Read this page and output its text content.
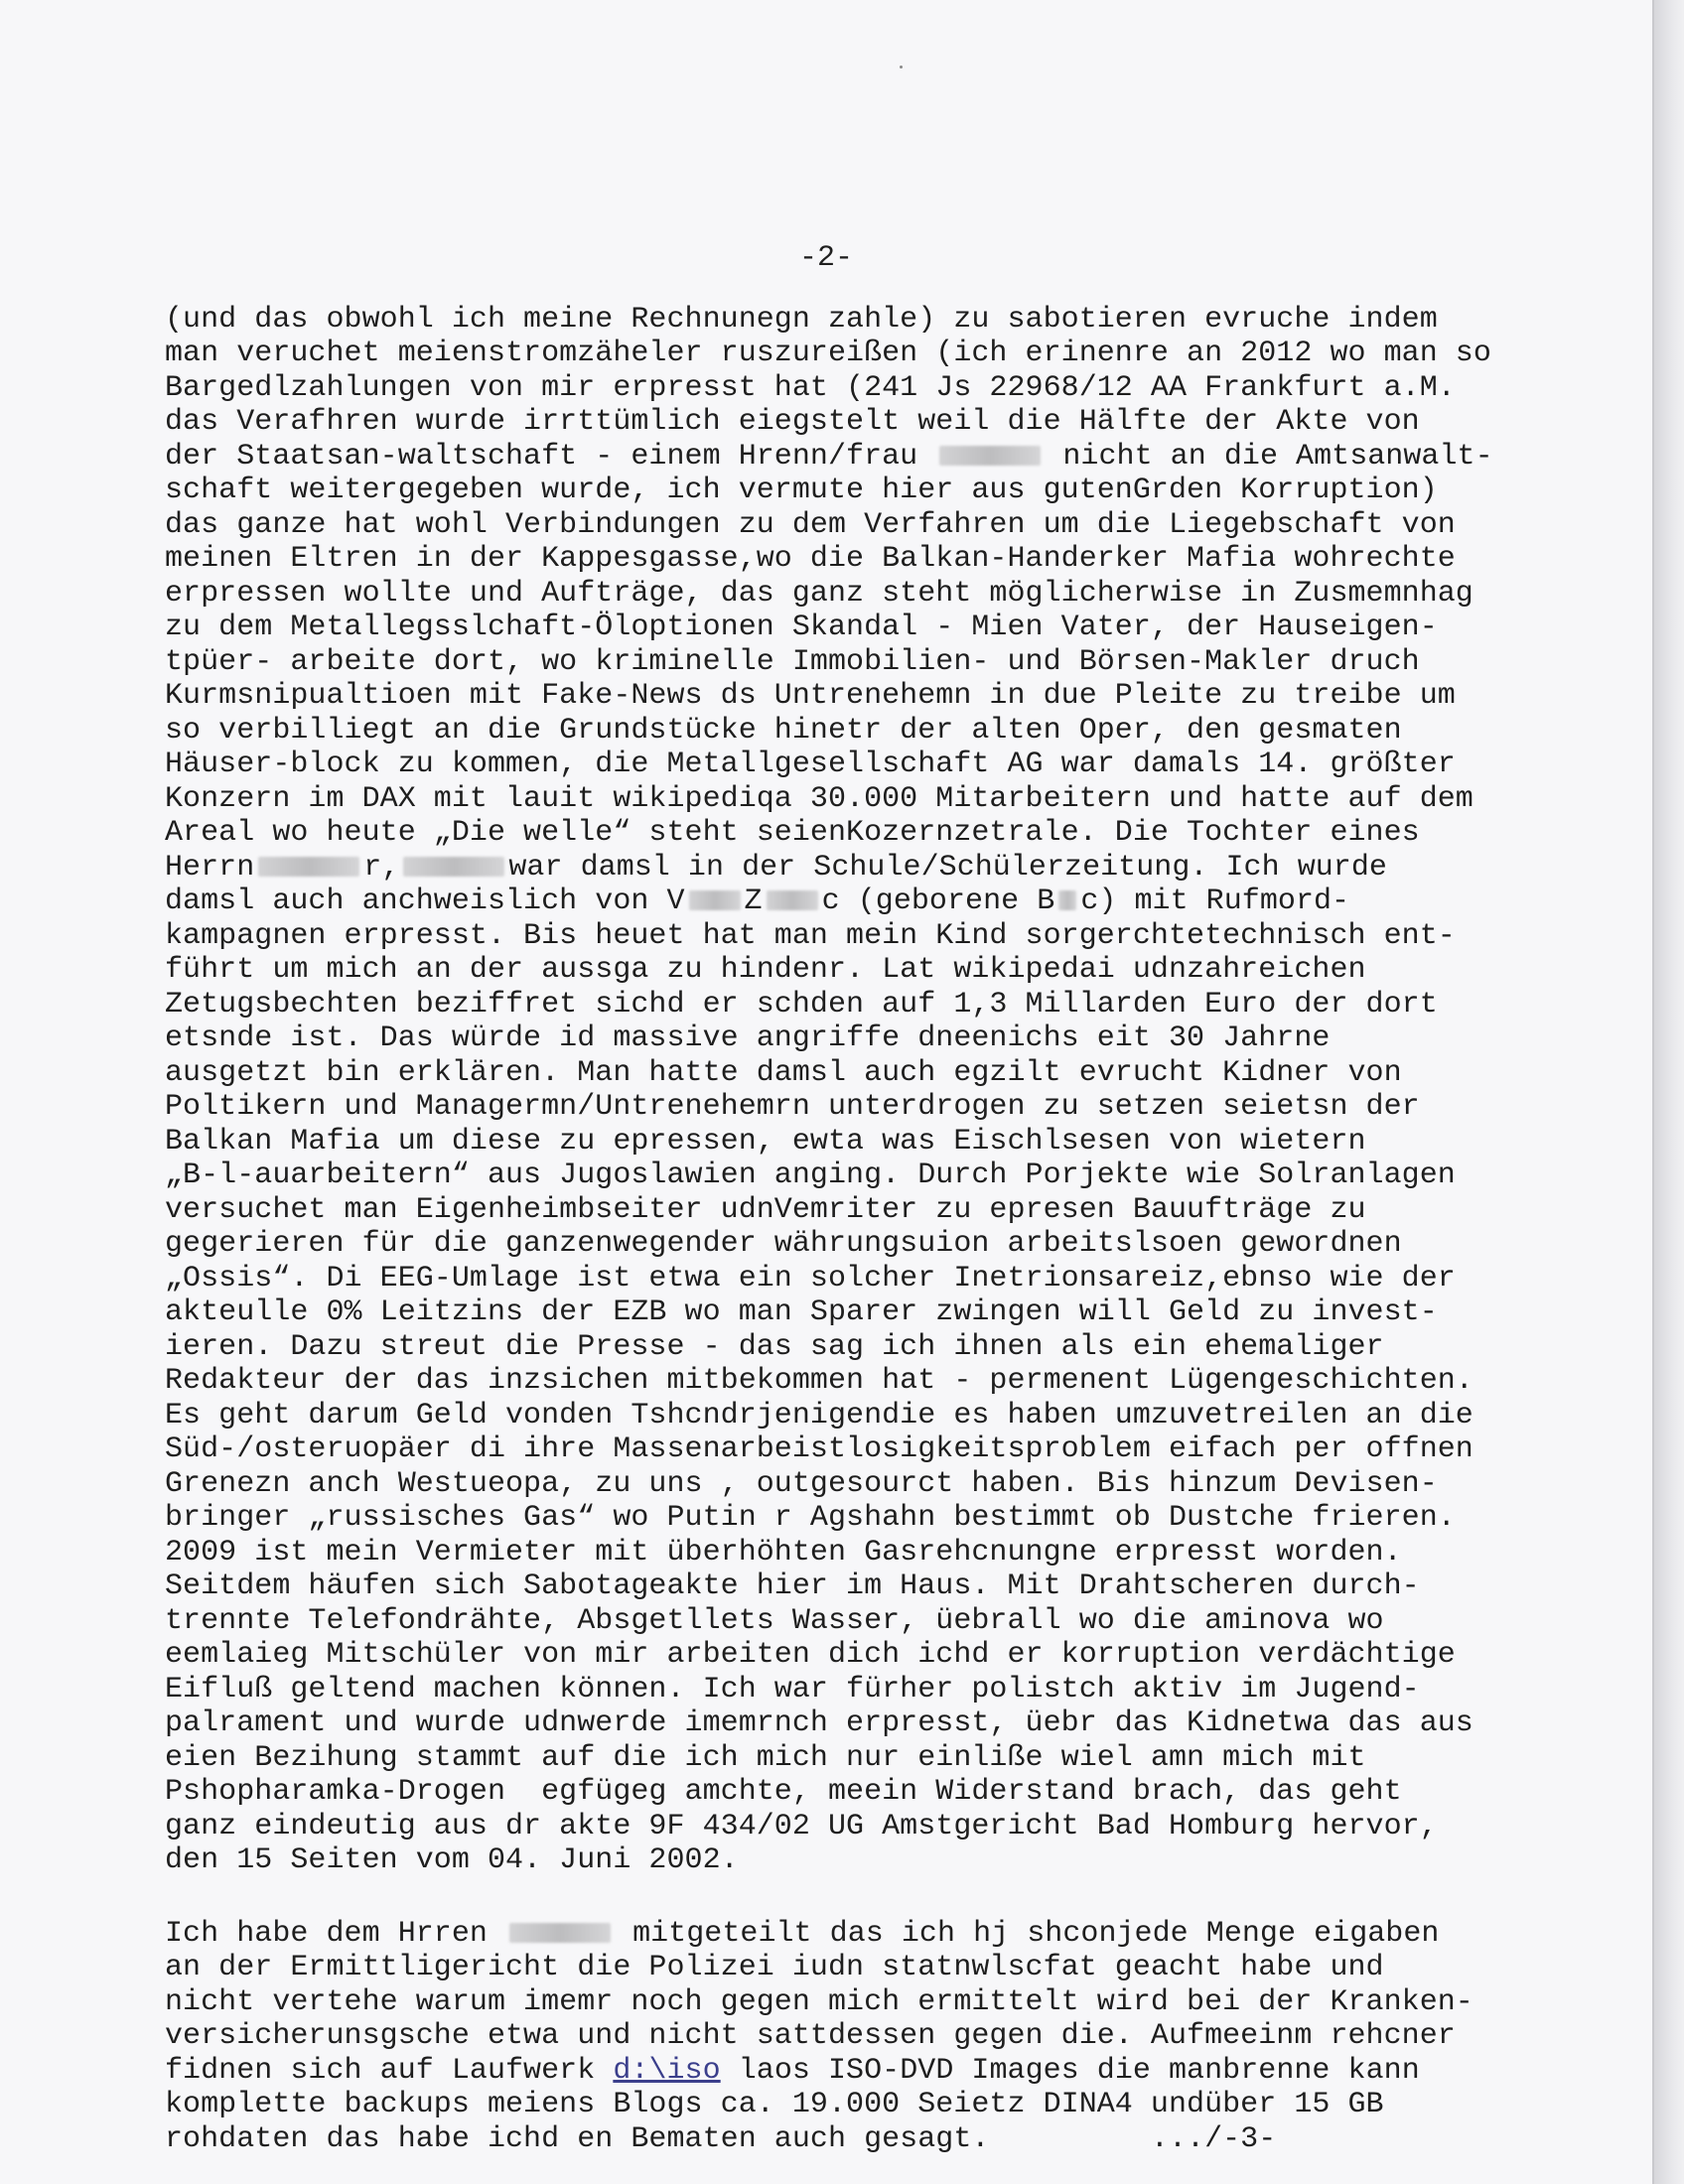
-2-
(und das obwohl ich meine Rechnunegn zahle) zu sabotieren evruche indem
man veruchet meienstromzäheler ruszureißen (ich erinenre an 2012 wo man so
Bargedlzahlungen von mir erpresst hat (241 Js 22968/12 AA Frankfurt a.M.
das Verafhren wurde irrttümlich eiegstelt weil die Hälfte der Akte von
der Staatsan-waltschaft - einem Hrenn/frau	nicht an die Amtsanwalt-
schaft weitergegeben wurde, ich vermute hier aus gutenGrden Korruption)
das ganze hat wohl Verbindungen zu dem Verfahren um die Liegebschaft von
meinen Eltren in der Kappesgasse,wo die Balkan-Handerker Mafia wohrechte
erpressen wollte und Aufträge, das ganz steht möglicherwise in Zusmemnhag
zu dem Metallegsslchaft-Öloptionen Skandal - Mien Vater, der Hauseigen-
tpüer- arbeite dort, wo kriminelle Immobilien- und Börsen-Makler druch
Kurmsnipualtioen mit Fake-News ds Untrenehemn in due Pleite zu treibe um
so verbilliegt an die Grundstücke hinetr der alten Oper, den gesmaten
Häuser-block zu kommen, die Metallgesellschaft AG war damals 14. größter
Konzern im DAX mit lauit wikipediqa 30.000 Mitarbeitern und hatte auf dem
Areal wo heute „Die welle“ steht seienKozernzetrale. Die Tochter eines
Herrn	r,	war damsl in der Schule/Schülerzeitung. Ich wurde
damsl auch anchweislich von V Z c (geborene B c) mit Rufmord-
kampagnen erpresst. Bis heuet hat man mein Kind sorgerchtetechnisch ent-
führt um mich an der aussga zu hindenr. Lat wikipedai udnzahreichen
Zetugsbechten beziffret sichd er schden auf 1,3 Millarden Euro der dort
etsnde ist. Das würde id massive angriffe dneenichs eit 30 Jahrne
ausgetzt bin erklären. Man hatte damsl auch egzilt evrucht Kidner von
Poltikern und Managermn/Untrenehemrn unterdrogen zu setzen seietsn der
Balkan Mafia um diese zu epressen, ewta was Eischlsesen von wietern
„B-l-auarbeitern“ aus Jugoslawien anging. Durch Porjekte wie Solranlagen
versuchet man Eigenheimbseiter udnVemriter zu epresen Bauufträge zu
gegerieren für die ganzenwegender währungsuion arbeitslsoen gewordnen
„Ossis“. Di EEG-Umlage ist etwa ein solcher Inetrionsareiz,ebnso wie der
akteulle 0% Leitzins der EZB wo man Sparer zwingen will Geld zu invest-
ieren. Dazu streut die Presse - das sag ich ihnen als ein ehemaliger
Redakteur der das inzsichen mitbekommen hat - permenent Lügengeschichten.
Es geht darum Geld vonden Tshcndrjenigendie es haben umzuvetreilen an die
Süd-/osteruopäer di ihre Massenarbeistlosigkeitsproblem eifach per offnen
Grenezn anch Westueopa, zu uns , outgesourct haben. Bis hinzum Devisen-
bringer „russisches Gas“ wo Putin r Agshahn bestimmt ob Dustche frieren.
2009 ist mein Vermieter mit überhöhten Gasrehcnungne erpresst worden.
Seitdem häufen sich Sabotageakte hier im Haus. Mit Drahtscheren durch-
trennte Telefondrähte, Absgetllets Wasser, üebrall wo die aminova wo
eemlaieg Mitschüler von mir arbeiten dich ichd er korruption verdächtige
Eifluß geltend machen können. Ich war fürher polistch aktiv im Jugend-
palrament und wurde udnwerde imemrnch erpresst, üebr das Kidnetwa das aus
eien Bezihung stammt auf die ich mich nur einliße wiel amn mich mit
Pshopharamka-Drogen  egfügeg amchte, meein Widerstand brach, das geht
ganz eindeutig aus dr akte 9F 434/02 UG Amstgericht Bad Homburg hervor,
den 15 Seiten vom 04. Juni 2002.
Ich habe dem Hrren	mitgeteilt das ich hj shconjede Menge eigaben
an der Ermittligericht die Polizei iudn statnwlscfat geacht habe und
nicht vertehe warum imemr noch gegen mich ermittelt wird bei der Kranken-
versicherunsgsche etwa und nicht sattdessen gegen die. Aufmeeinm rehcner
fidnen sich auf Laufwerk d:\iso laos ISO-DVD Images die manbrenne kann
komplette backups meiens Blogs ca. 19.000 Seietz DINA4 undüber 15 GB
rohdaten das habe ichd en Bematen auch gesagt.	.../-3-
